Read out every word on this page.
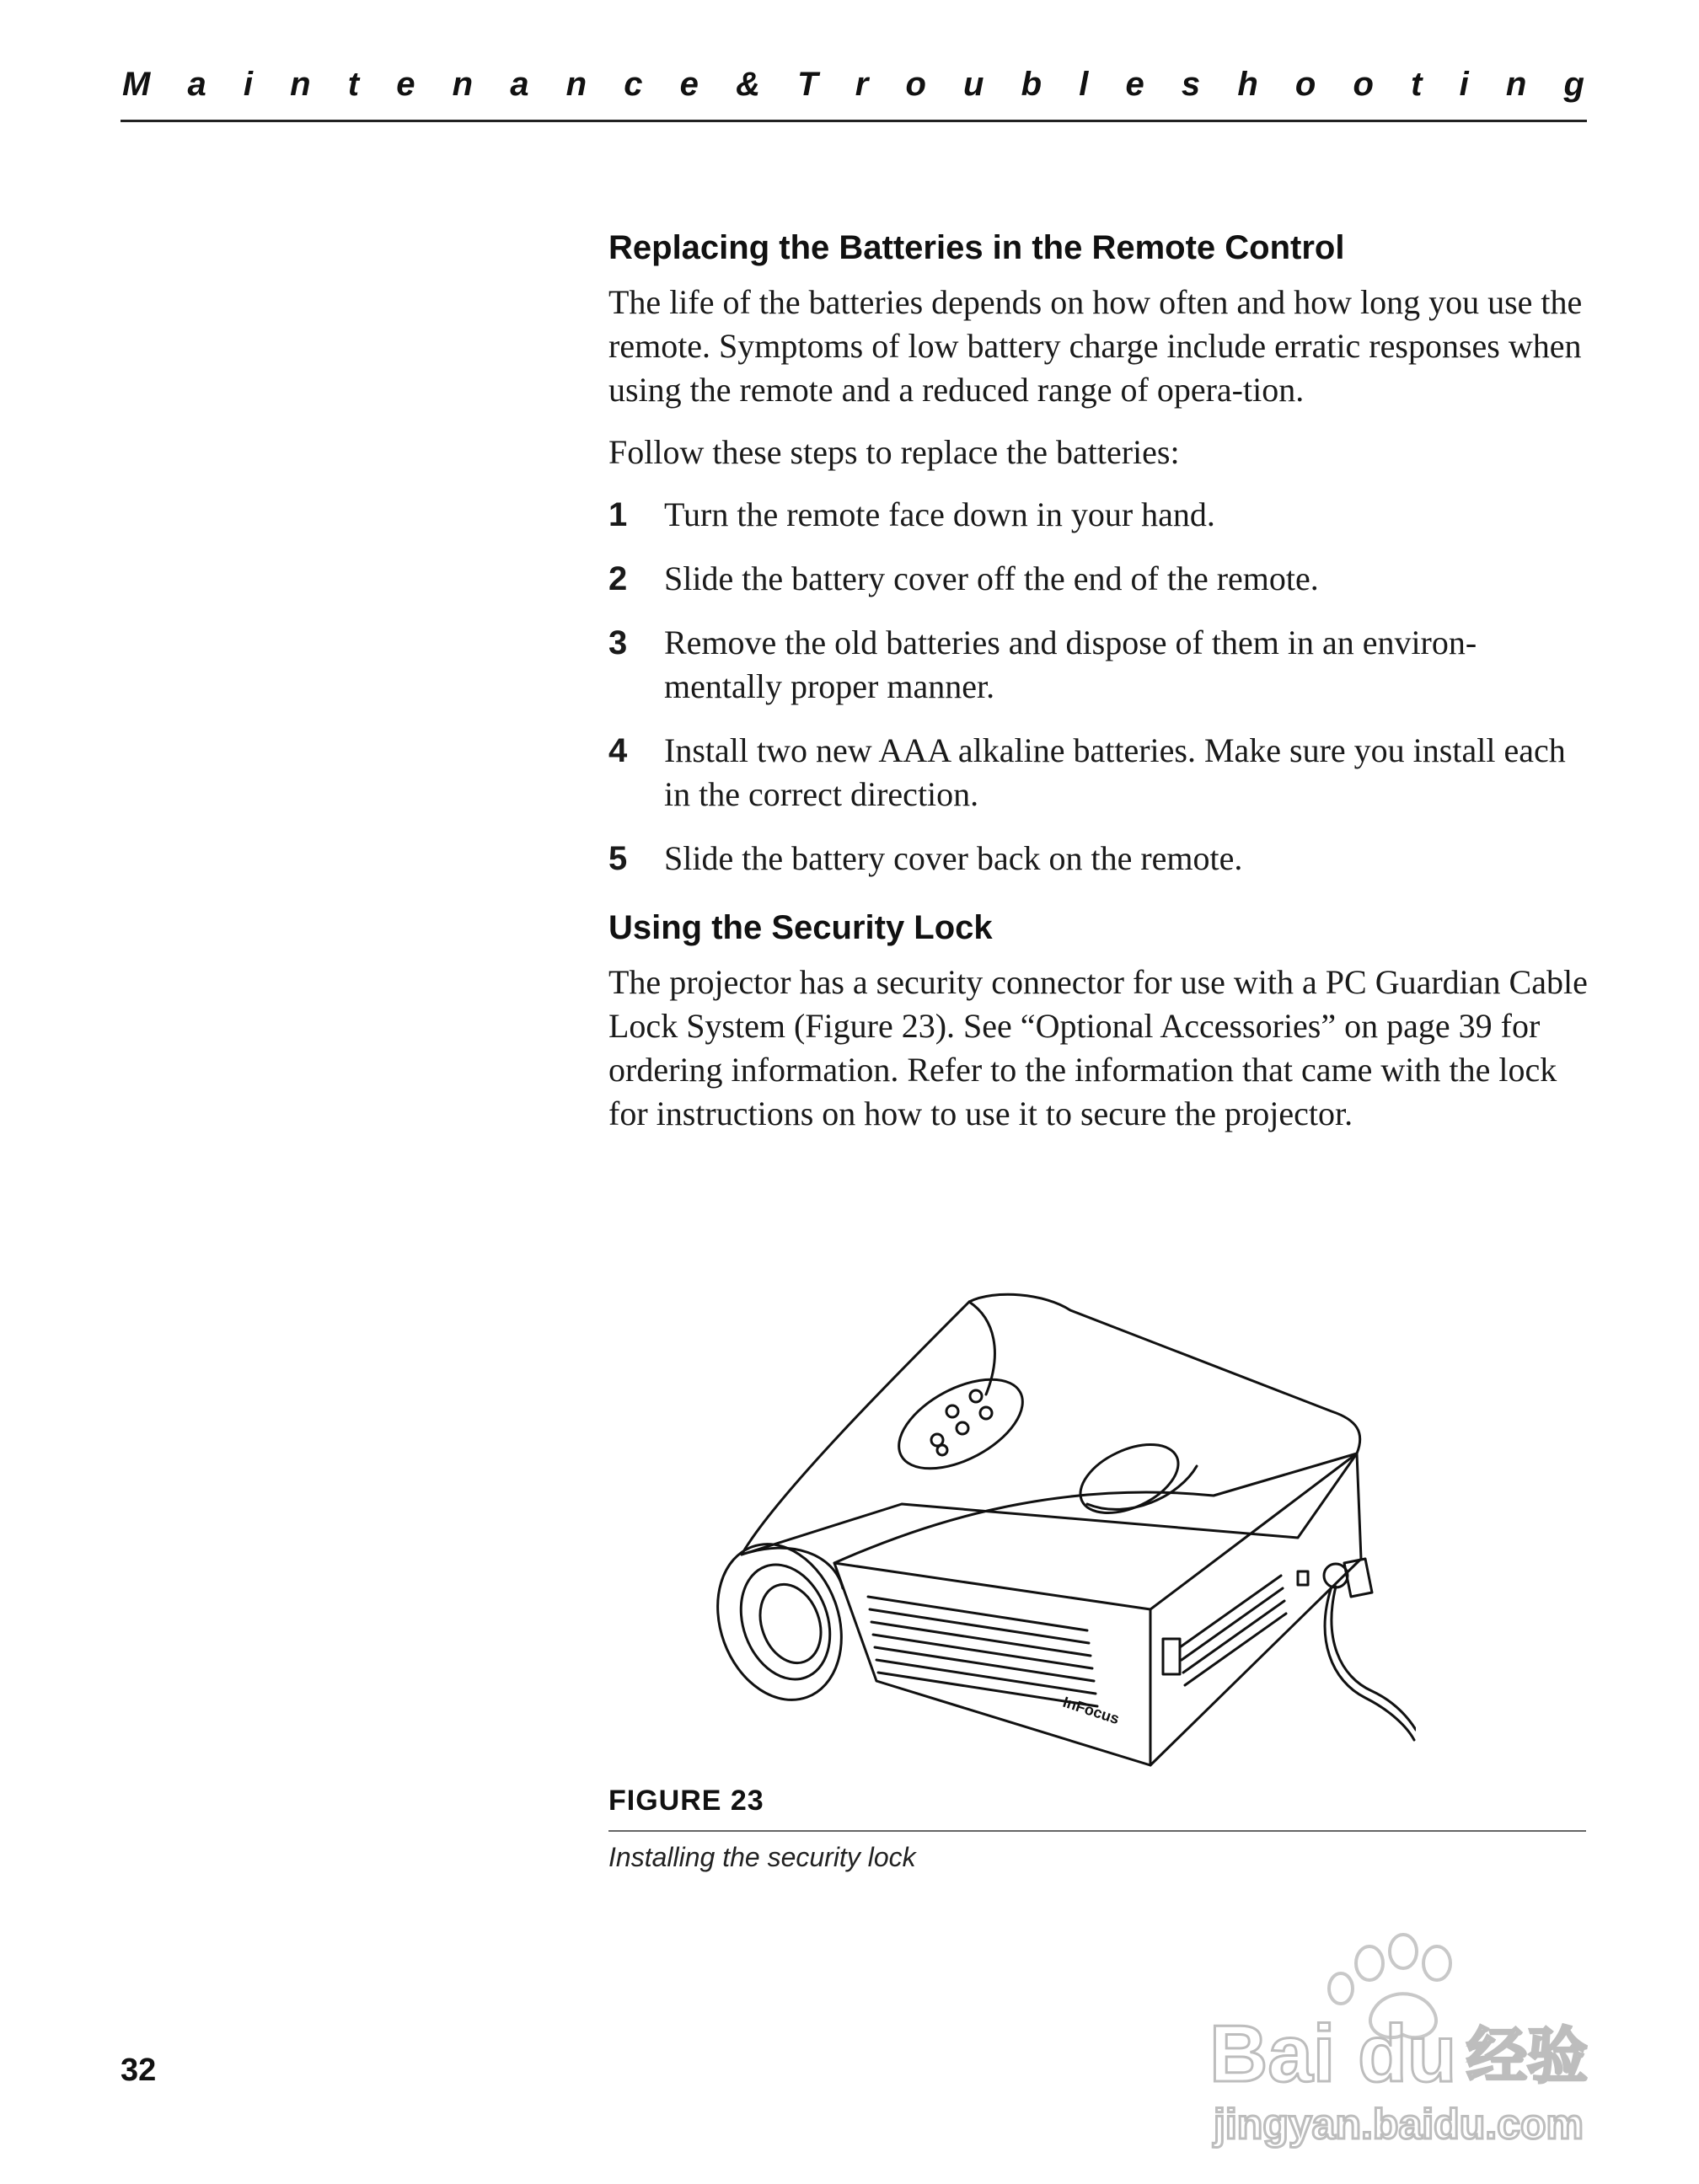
M a i n t e n a n c e & T r o u b l e s h o o t i n g
Replacing the Batteries in the Remote Control

The life of the batteries depends on how often and how long you use the remote. Symptoms of low battery charge include erratic responses when using the remote and a reduced range of opera-tion.

Follow these steps to replace the batteries:

1	Turn the remote face down in your hand.
2	Slide the battery cover off the end of the remote.
3	Remove the old batteries and dispose of them in an environ-mentally proper manner.
4	Install two new AAA alkaline batteries. Make sure you install each in the correct direction.
5	Slide the battery cover back on the remote.
Using the Security Lock

The projector has a security connector for use with a PC Guardian Cable Lock System (Figure 23). See “Optional Accessories” on page 39 for ordering information. Refer to the information that came with the lock for instructions on how to use it to secure the projector.

InFocus
FIGURE 23
Installing the security lock
32	Bai du 经验
jingyan.baidu.com
